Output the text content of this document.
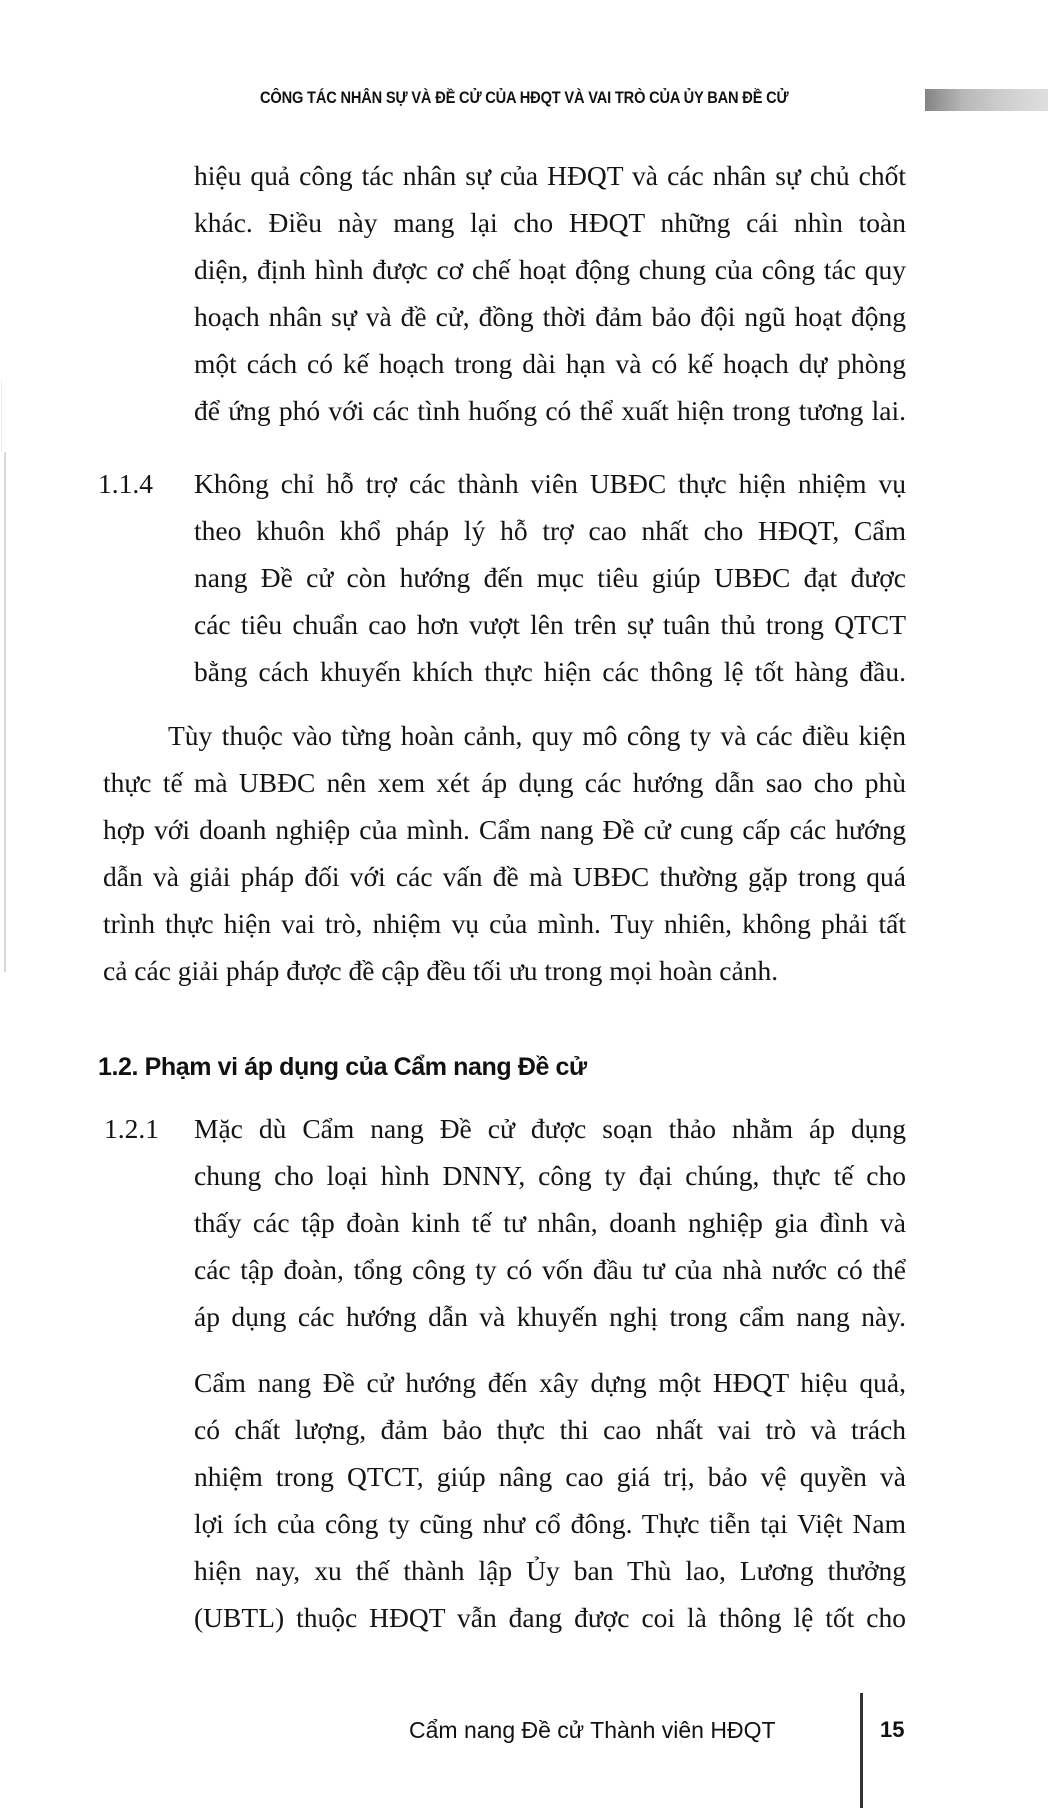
CÔNG TÁC NHÂN SỰ VÀ ĐỀ CỬ CỦA HĐQT VÀ VAI TRÒ CỦA ỦY BAN ĐỀ CỬ
hiệu quả công tác nhân sự của HĐQT và các nhân sự chủ chốt
khác. Điều này mang lại cho HĐQT những cái nhìn toàn
diện, định hình được cơ chế hoạt động chung của công tác quy
hoạch nhân sự và đề cử, đồng thời đảm bảo đội ngũ hoạt động
một cách có kế hoạch trong dài hạn và có kế hoạch dự phòng
để ứng phó với các tình huống có thể xuất hiện trong tương lai.
1.1.4 Không chỉ hỗ trợ các thành viên UBĐC thực hiện nhiệm vụ
theo khuôn khổ pháp lý hỗ trợ cao nhất cho HĐQT, Cẩm
nang Đề cử còn hướng đến mục tiêu giúp UBĐC đạt được
các tiêu chuẩn cao hơn vượt lên trên sự tuân thủ trong QTCT
bằng cách khuyến khích thực hiện các thông lệ tốt hàng đầu.
Tùy thuộc vào từng hoàn cảnh, quy mô công ty và các điều kiện
thực tế mà UBĐC nên xem xét áp dụng các hướng dẫn sao cho phù
hợp với doanh nghiệp của mình. Cẩm nang Đề cử cung cấp các hướng
dẫn và giải pháp đối với các vấn đề mà UBĐC thường gặp trong quá
trình thực hiện vai trò, nhiệm vụ của mình. Tuy nhiên, không phải tất
cả các giải pháp được đề cập đều tối ưu trong mọi hoàn cảnh.
1.2. Phạm vi áp dụng của Cẩm nang Đề cử
1.2.1 Mặc dù Cẩm nang Đề cử được soạn thảo nhằm áp dụng
chung cho loại hình DNNY, công ty đại chúng, thực tế cho
thấy các tập đoàn kinh tế tư nhân, doanh nghiệp gia đình và
các tập đoàn, tổng công ty có vốn đầu tư của nhà nước có thể
áp dụng các hướng dẫn và khuyến nghị trong cẩm nang này.
Cẩm nang Đề cử hướng đến xây dựng một HĐQT hiệu quả,
có chất lượng, đảm bảo thực thi cao nhất vai trò và trách
nhiệm trong QTCT, giúp nâng cao giá trị, bảo vệ quyền và
lợi ích của công ty cũng như cổ đông. Thực tiễn tại Việt Nam
hiện nay, xu thế thành lập Ủy ban Thù lao, Lương thưởng
(UBTL) thuộc HĐQT vẫn đang được coi là thông lệ tốt cho
Cẩm nang Đề cử Thành viên HĐQT	15
